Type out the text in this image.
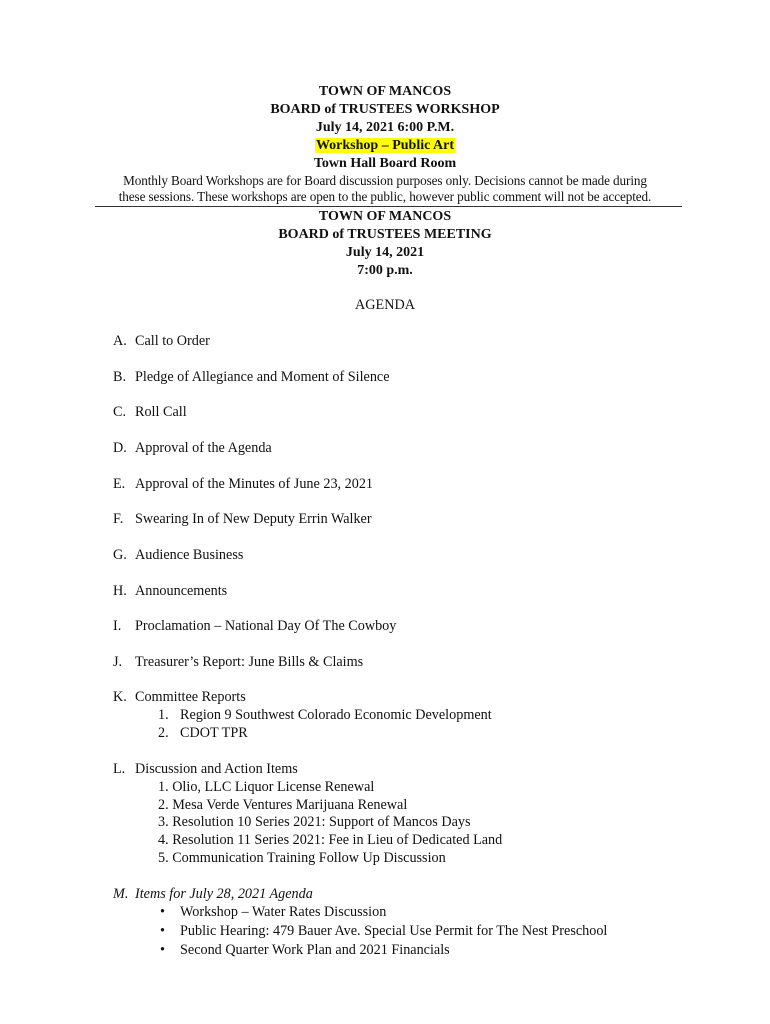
TOWN OF MANCOS
BOARD of TRUSTEES WORKSHOP
July 14, 2021 6:00 P.M.
Workshop – Public Art
Town Hall Board Room
Monthly Board Workshops are for Board discussion purposes only. Decisions cannot be made during
these sessions. These workshops are open to the public, however public comment will not be accepted.
TOWN OF MANCOS
BOARD of TRUSTEES MEETING
July 14, 2021
7:00 p.m.
AGENDA
A. Call to Order
B. Pledge of Allegiance and Moment of Silence
C. Roll Call
D. Approval of the Agenda
E. Approval of the Minutes of June 23, 2021
F. Swearing In of New Deputy Errin Walker
G. Audience Business
H. Announcements
I. Proclamation – National Day Of The Cowboy
J. Treasurer’s Report: June Bills & Claims
K. Committee Reports
1. Region 9 Southwest Colorado Economic Development
2. CDOT TPR
L. Discussion and Action Items
1. Olio, LLC Liquor License Renewal
2. Mesa Verde Ventures Marijuana Renewal
3. Resolution 10 Series 2021: Support of Mancos Days
4. Resolution 11 Series 2021: Fee in Lieu of Dedicated Land
5. Communication Training Follow Up Discussion
M. Items for July 28, 2021 Agenda
• Workshop – Water Rates Discussion
• Public Hearing: 479 Bauer Ave. Special Use Permit for The Nest Preschool
• Second Quarter Work Plan and 2021 Financials
